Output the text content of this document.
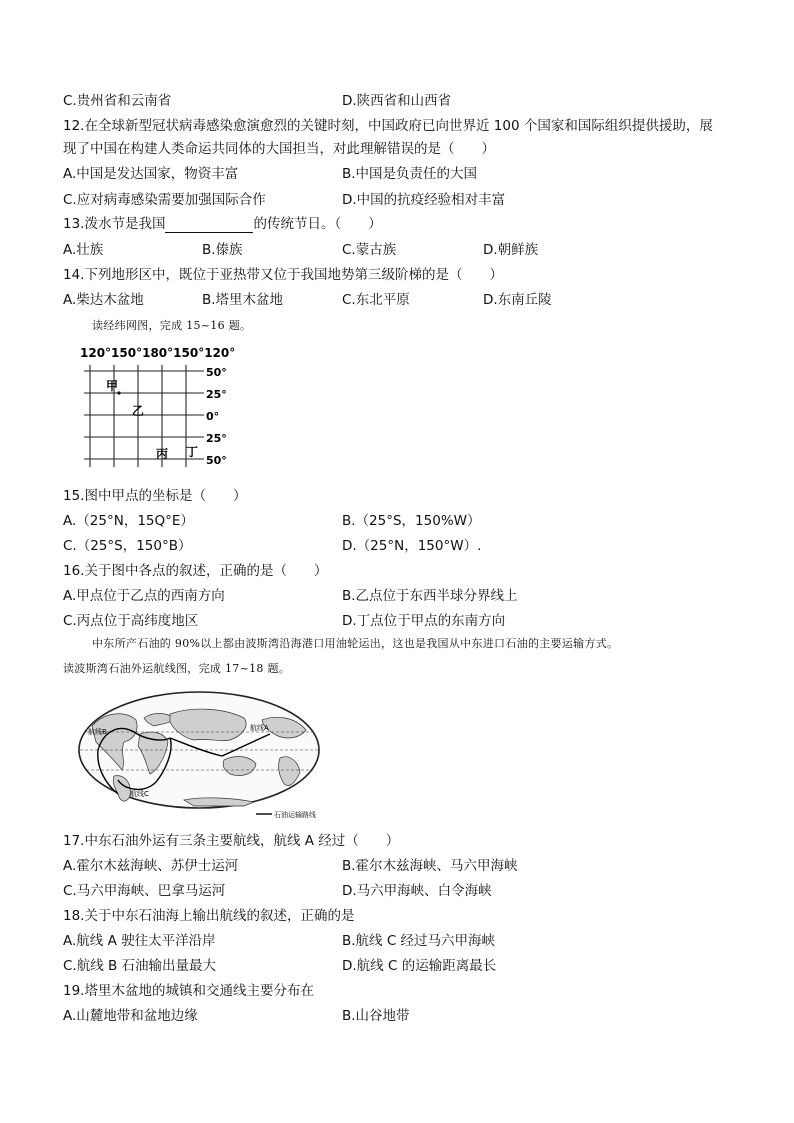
C.贵州省和云南省	D.陕西省和山西省
12.在全球新型冠状病毒感染愈演愈烈的关键时刻，中国政府已向世界近 100 个国家和国际组织提供援助，展
现了中国在构建人类命运共同体的大国担当，对此理解错误的是（　　）
A.中国是发达国家，物资丰富	B.中国是负责任的大国
C.应对病毒感染需要加强国际合作	D.中国的抗疫经验相对丰富
13.泼水节是我国	的传统节日。（　　）
A.壮族	B.傣族	C.蒙古族	D.朝鲜族
14.下列地形区中，既位于亚热带又位于我国地势第三级阶梯的是（　　）
A.柴达木盆地	B.塔里木盆地	C.东北平原	D.东南丘陵
读经纬网图，完成 15~16 题。
120°150°180°150°120°
甲
乙
丙 丁
50°
25°
0°
25°
50°
15.图中甲点的坐标是（　　）
A.（25°N，15Q°E）	B.（25°S，150%W）
C.（25°S，150°B）	D.（25°N，150°W）.
16.关于图中各点的叙述，正确的是（　　）
A.甲点位于乙点的西南方向	B.乙点位于东西半球分界线上
C.丙点位于高纬度地区	D.丁点位于甲点的东南方向
中东所产石油的 90%以上都由波斯湾沿海港口用油轮运出，这也是我国从中东进口石油的主要运输方式。
读波斯湾石油外运航线图，完成 17~18 题。
航线B
航线C
航线A
石油运输路线
17.中东石油外运有三条主要航线，航线 A 经过（　　）
A.霍尔木兹海峡、苏伊士运河	B.霍尔木兹海峡、马六甲海峡
C.马六甲海峡、巴拿马运河	D.马六甲海峡、白令海峡
18.关于中东石油海上输出航线的叙述，正确的是
A.航线 A 驶往太平洋沿岸	B.航线 C 经过马六甲海峡
C.航线 B 石油输出量最大	D.航线 C 的运输距离最长
19.塔里木盆地的城镇和交通线主要分布在
A.山麓地带和盆地边缘	B.山谷地带
